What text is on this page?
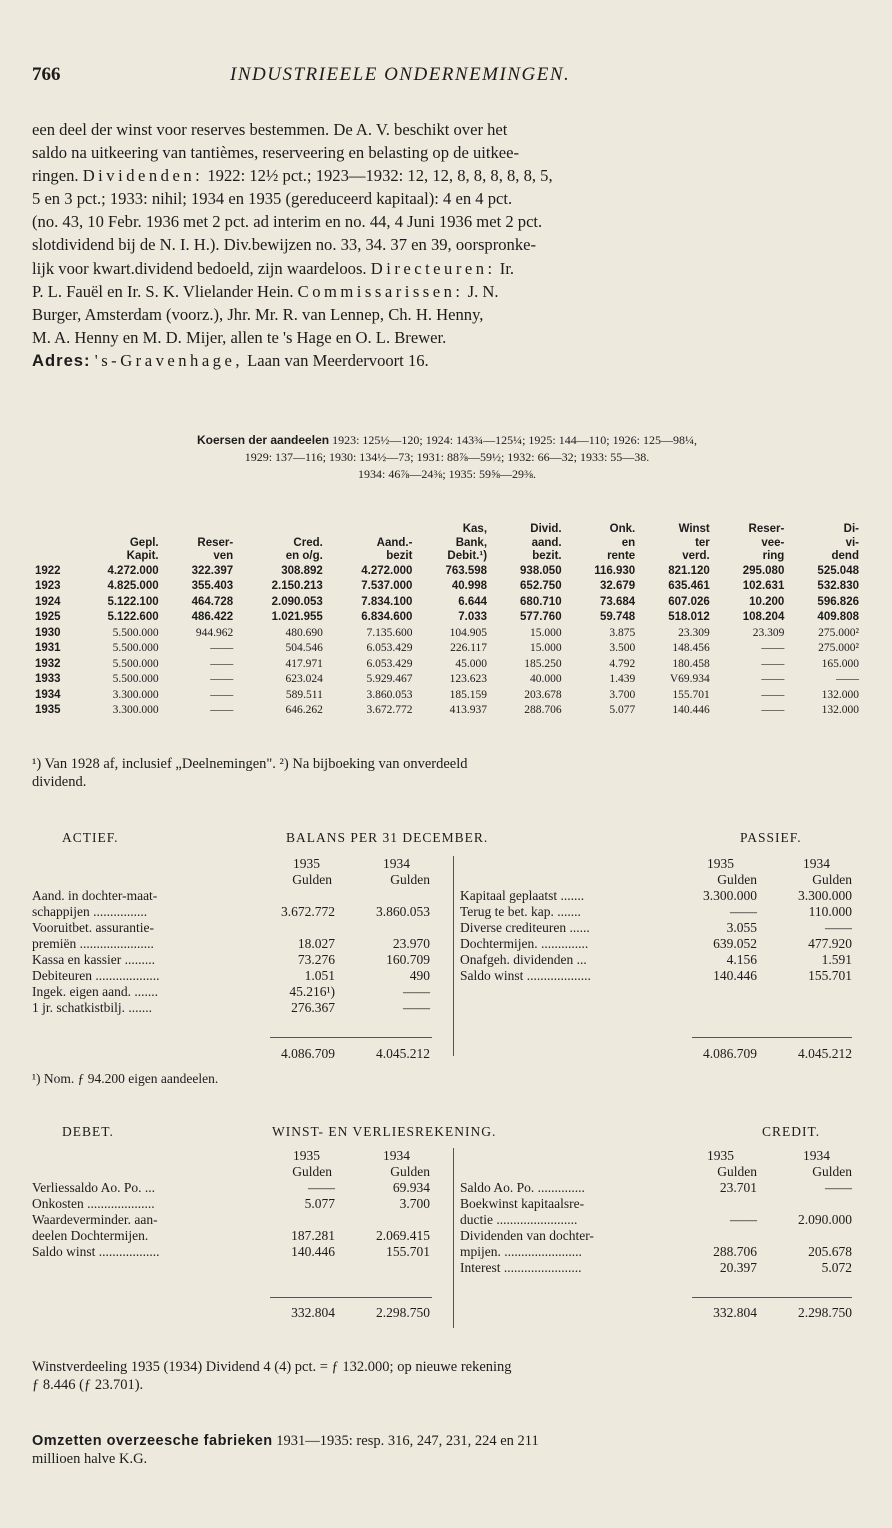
766	INDUSTRIEELE ONDERNEMINGEN.
een deel der winst voor reserves bestemmen. De A. V. beschikt over het
saldo na uitkeering van tantièmes, reserveering en belasting op de uitkee-
ringen. Dividenden: 1922: 12½ pct.; 1923—1932: 12, 12, 8, 8, 8, 8, 8, 5,
5 en 3 pct.; 1933: nihil; 1934 en 1935 (gereduceerd kapitaal): 4 en 4 pct.
(no. 43, 10 Febr. 1936 met 2 pct. ad interim en no. 44, 4 Juni 1936 met 2 pct.
slotdividend bij de N. I. H.). Div.bewijzen no. 33, 34. 37 en 39, oorspronke-
lijk voor kwart.dividend bedoeld, zijn waardeloos. Directeuren: Ir.
P. L. Fauël en Ir. S. K. Vlielander Hein. Commissarissen: J. N.
Burger, Amsterdam (voorz.), Jhr. Mr. R. van Lennep, Ch. H. Henny,
M. A. Henny en M. D. Mijer, allen te 's Hage en O. L. Brewer.
Adres: 's-Gravenhage, Laan van Meerdervoort 16.
Koersen der aandeelen 1923: 125½—120; 1924: 143¾—125¼; 1925: 144—110; 1926: 125—98¼,
1929: 137—116; 1930: 134½—73; 1931: 88⅞—59½; 1932: 66—32; 1933: 55—38.
1934: 46⅞—24⅜; 1935: 59⅝—29⅜.
					Kas,	Divid.	Onk.	Winst	Reser-	Di-
	Gepl.	Reser-	Cred.	Aand.-	Bank,	aand.	en	ter	vee-	vi-
	Kapit.	ven	en o/g.	bezit	Debit.¹)	bezit.	rente	verd.	ring	dend
1922	4.272.000	322.397	308.892	4.272.000	763.598	938.050	116.930	821.120	295.080	525.048
1923	4.825.000	355.403	2.150.213	7.537.000	40.998	652.750	32.679	635.461	102.631	532.830
1924	5.122.100	464.728	2.090.053	7.834.100	6.644	680.710	73.684	607.026	10.200	596.826
1925	5.122.600	486.422	1.021.955	6.834.600	7.033	577.760	59.748	518.012	108.204	409.808
1930	5.500.000	944.962	480.690	7.135.600	104.905	15.000	3.875	23.309	23.309	275.000²
1931	5.500.000	——	504.546	6.053.429	226.117	15.000	3.500	148.456	——	275.000²
1932	5.500.000	——	417.971	6.053.429	45.000	185.250	4.792	180.458	——	165.000
1933	5.500.000	——	623.024	5.929.467	123.623	40.000	1.439	V69.934	——	——
1934	3.300.000	——	589.511	3.860.053	185.159	203.678	3.700	155.701	——	132.000
1935	3.300.000	——	646.262	3.672.772	413.937	288.706	5.077	140.446	——	132.000
¹) Van 1928 af, inclusief „Deelnemingen". ²) Na bijboeking van onverdeeld
dividend.
ACTIEF.	BALANS PER 31 DECEMBER.	PASSIEF.
1935	1934
Gulden	Gulden
Aand. in dochter-maat-
schappijen ................	3.672.772	3.860.053
Vooruitbet. assurantie-
premiën ......................	18.027	23.970
Kassa en kassier .........	73.276	160.709
Debiteuren ...................	1.051	490
Ingek. eigen aand. .......	45.216¹)	——
1 jr. schatkistbilj. .......	276.367	——
1935	1934
Gulden	Gulden
Kapitaal geplaatst .......	3.300.000	3.300.000
Terug te bet. kap. .......	——	110.000
Diverse crediteuren ......	3.055	——
Dochtermijen. ..............	639.052	477.920
Onafgeh. dividenden ...	4.156	1.591
Saldo winst ...................	140.446	155.701
4.086.709	4.045.212	4.086.709	4.045.212
¹) Nom. ƒ 94.200 eigen aandeelen.
DEBET.	WINST- EN VERLIESREKENING.	CREDIT.
1935	1934
Gulden	Gulden
Verliessaldo Ao. Po. ...	——	69.934
Onkosten ....................	5.077	3.700
Waardeverminder. aan-
deelen Dochtermijen.	187.281	2.069.415
Saldo winst ..................	140.446	155.701
1935	1934
Gulden	Gulden
Saldo Ao. Po. ..............	23.701	——
Boekwinst kapitaalsre-
ductie ........................	——	2.090.000
Dividenden van dochter-
mpijen. .......................	288.706	205.678
Interest .......................	20.397	5.072
332.804	2.298.750	332.804	2.298.750
Winstverdeeling 1935 (1934) Dividend 4 (4) pct. = ƒ 132.000; op nieuwe rekening
ƒ 8.446 (ƒ 23.701).
Omzetten overzeesche fabrieken 1931—1935: resp. 316, 247, 231, 224 en 211
millioen halve K.G.
